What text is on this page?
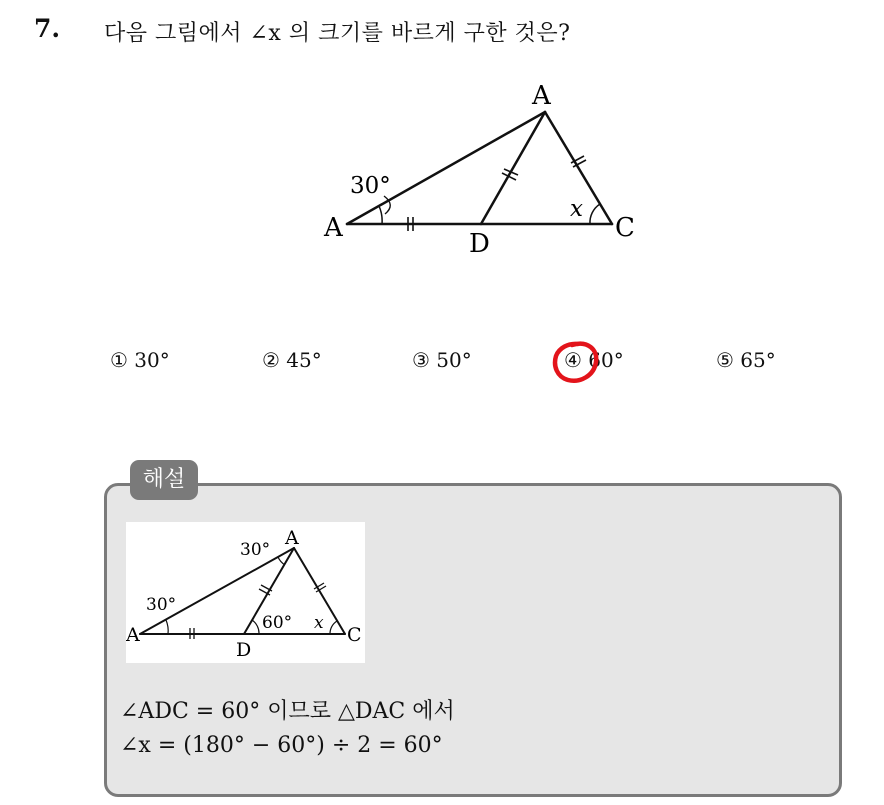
7. 다음 그림에서 ∠x 의 크기를 바르게 구한 것은?
A
A
D
C
30°
x
① 30°	② 45°	③ 50°	④ 60°	⑤ 65°
해설
A
A
D
C
30°
30°
60° x
∠ADC = 60° 이므로 △DAC 에서
∠x = (180° − 60°) ÷ 2 = 60°
